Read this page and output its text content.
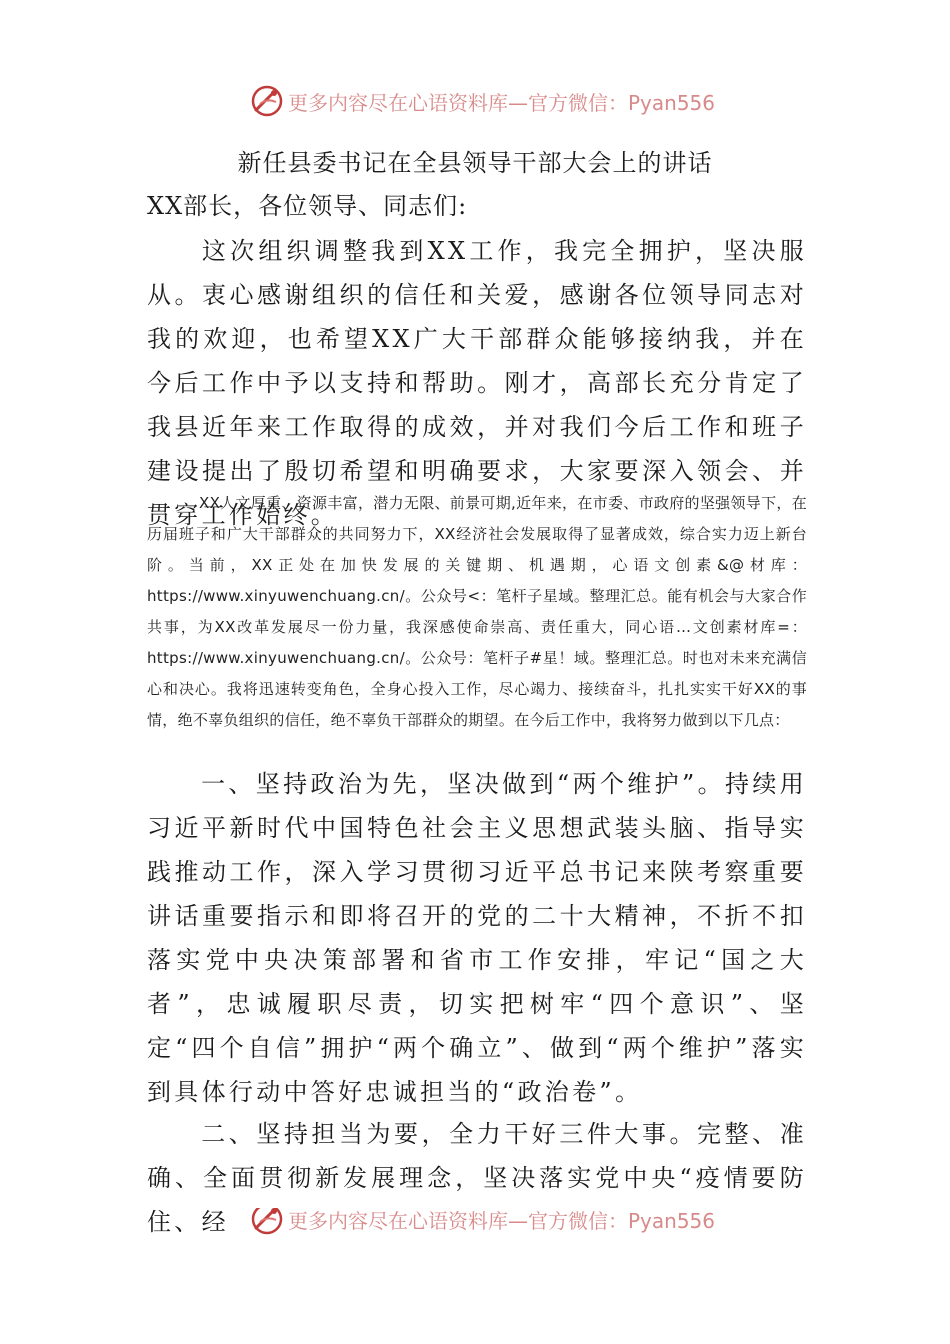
更多内容尽在心语资料库—官方微信：Pyan556
新任县委书记在全县领导干部大会上的讲话
XX部长，各位领导、同志们:

这次组织调整我到XX工作，我完全拥护，坚决服从。衷心感谢组织的信任和关爱，感谢各位领导同志对我的欢迎，也希望XX广大干部群众能够接纳我，并在今后工作中予以支持和帮助。刚才，高部长充分肯定了我县近年来工作取得的成效，并对我们今后工作和班子建设提出了殷切希望和明确要求，大家要深入领会、并贯穿工作始终。

XX人文厚重、资源丰富，潜力无限、前景可期,近年来，在市委、市政府的坚强领导下，在历届班子和广大干部群众的共同努力下，XX经济社会发展取得了显著成效，综合实力迈上新台阶。当前，XX正处在加快发展的关键期、机遇期，心语文创素&@材库：https://www.xinyuwenchuang.cn/。公众号<：笔杆子星域。整理汇总。能有机会与大家合作共事，为XX改革发展尽一份力量，我深感使命崇高、责任重大，同心语…文创素材库=：https://www.xinyuwenchuang.cn/。公众号：笔杆子#星！域。整理汇总。时也对未来充满信心和决心。我将迅速转变角色，全身心投入工作，尽心竭力、接续奋斗，扎扎实实干好XX的事情，绝不辜负组织的信任，绝不辜负干部群众的期望。在今后工作中，我将努力做到以下几点：

一、坚持政治为先，坚决做到“两个维护”。持续用习近平新时代中国特色社会主义思想武装头脑、指导实践推动工作，深入学习贯彻习近平总书记来陕考察重要讲话重要指示和即将召开的党的二十大精神，不折不扣落实党中央决策部署和省市工作安排，牢记“国之大者”，忠诚履职尽责，切实把树牢“四个意识”、坚定“四个自信”拥护“两个确立”、做到“两个维护”落实到具体行动中答好忠诚担当的“政治卷”。

二、坚持担当为要，全力干好三件大事。完整、准确、全面贯彻新发展理念，坚决落实党中央“疫情要防住、经	更多内容尽在心语资料库—官方微信：Pyan556
